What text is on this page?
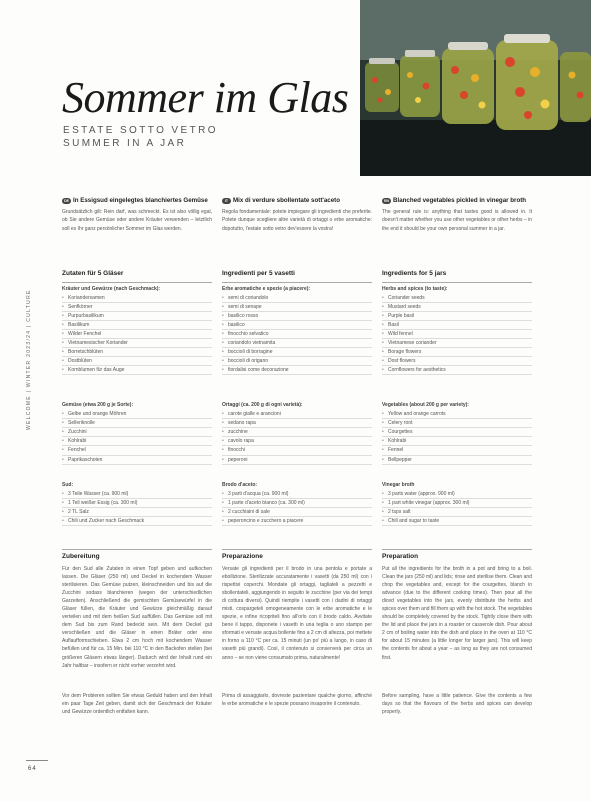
Sommer im Glas
ESTATE SOTTO VETRO
SUMMER IN A JAR
WELCOME | WINTER 2023/24 | CULTURE
DE In Essigsud eingelegtes blanchiertes Gemüse

Grundsätzlich gilt: Rein darf, was schmeckt. Es ist also völlig egal, ob Sie andere Gemüse oder andere Kräuter verwenden – letztlich soll es Ihr ganz persönlicher Sommer im Glas werden.

Zutaten für 5 Gläser
Kräuter und Gewürze (nach Geschmack):
• Koriandersamen
• Senfkörner
• Purpurbasilikum
• Basilikum
• Wilder Fenchel
• Vietnamesischer Koriander
• Borretschblüten
• Dostblüten
• Kornblumen für das Auge
Gemüse (etwa 200 g je Sorte):
• Gelbe und orange Möhren
• Selleriknolle
• Zucchini
• Kohlrabi
• Fenchel
• Paprikaschoten
Sud:
• 3 Teile Wasser (ca. 900 ml)
• 1 Teil weißer Essig (ca. 300 ml)
• 2 TL Salz
• Chili und Zucker nach Geschmack
Zubereitung

Für den Sud alle Zutaten in einen Topf geben und aufkochen lassen. Die Gläser (250 ml) und Deckel in kochendem Wasser sterilisieren. Das Gemüse putzen, kleinschneiden und bis auf die Zucchini sodass blanchieren (wegen der unterschiedlichen Garzeiten). Anschließend die gemischten Gemüsewürfel in die Gläser füllen, die Kräuter und Gewürze gleichmäßig darauf verteilen und mit dem heißen Sud auffüllen. Das Gemüse soll mit dem Sud bis zum Rand bedeckt sein. Mit dem Deckel gut verschließen und die Gläser in einen Bräter oder eine Auflaufformschieben. Etwa 2 cm hoch mit kochendem Wasser befüllen und für ca. 15 Min. bei 110 °C in den Backofen stellen (bei größeren Gläsern etwas länger). Dadurch wird der Inhalt rund ein Jahr haltbar – insofern er nicht vorher verzehrt wird.

Vor dem Probieren sollten Sie etwas Geduld haben und den Inhalt ein paar Tage Zeit geben, damit sich der Geschmack der Kräuter und Gewürze ordentlich entfalten kann.

IT Mix di verdure sbollentate sott'aceto

Regola fondamentale: potete impiegare gli ingredienti che preferite. Potete dunque scegliere altre varietà di ortaggi o erbe aromatiche: dopotutto, l'estate sotto vetro dev'essere la vostra!

Ingredienti per 5 vasetti
Erbe aromatiche e spezie (a piacere):
• semi di coriandolo
• semi di senape
• basilico rosso
• basilico
• finocchio selvatico
• coriandolo vietnamita
• boccioli di borragine
• boccioli di origano
• fiordalisi come decorazione
Ortaggi (ca. 200 g di ogni varietà):
• carote gialle e arancioni
• sedano rapa
• zucchine
• cavolo rapa
• finocchi
• peperoni
Brodo d'aceto:
• 3 parti d'acqua (ca. 900 ml)
• 1 parte d'aceto bianco (ca. 300 ml)
• 2 cucchiaini di sale
• peperoncino e zucchero a piacere
Preparazione

Versate gli ingredienti per il brodo in una pentola e portate a ebollizione. Sterilizzate accuratamente i vasetti (da 250 ml) con i rispettivi coperchi. Mondate gli ortaggi, tagliateli a pezzetti e sbollentateli, aggiungendo in seguito le zucchine (per via dei tempi di cottura diversi). Quindi riempite i vasetti con i dadini di ortaggi misti, cospargeteli omogeneamente con le erbe aromatiche e le spezie, e infine ricopriteli fino all'orlo con il brodo caldo. Avvitate bene il tappo, disponete i vasetti in una teglia o uno stampo per sformati e versate acqua bollente fino a 2 cm di altezza, poi mettete in forno a 110 °C per ca. 15 minuti (un po' più a lungo, in caso di vasetti più grandi). Così, il contenuto si conserverà per circa un anno – se non viene consumato prima, naturalmente!

Prima di assaggiarlo, dovreste pazientare qualche giorno, affinché le erbe aromatiche e le spezie possano insaporire il contenuto.

EN Blanched vegetables pickled in vinegar broth

The general rule is: anything that tastes good is allowed in. It doesn't matter whether you use other vegetables or other herbs – in the end it should be your own personal summer in a jar.

Ingredients for 5 jars
Herbs and spices (to taste):
• Coriander seeds
• Mustard seeds
• Purple basil
• Basil
• Wild fennel
• Vietnamese coriander
• Borage flowers
• Dost flowers
• Cornflowers for aesthetics
Vegetables (about 200 g per variety):
• Yellow and orange carrots
• Celery root
• Courgettes
• Kohlrabi
• Fennel
• Bellpepper
Vinegar broth
• 3 parts water (approx. 900 ml)
• 1 part white vinegar (approx. 300 ml)
• 2 tsps salt
• Chili and sugar to taste
Preparation

Put all the ingredients for the broth in a pot and bring to a boil. Clean the jars (250 ml) and lids; rinse and sterilise them. Clean and chop the vegetables and, except for the courgettes, blanch in advance (due to the different cooking times). Then pour all the diced vegetables into the jars, evenly distribute the herbs and spices over them and fill them up with the hot stock. The vegetables should be completely covered by the stock. Tightly close them with the lid and place the jars in a roaster or casserole dish. Pour about 2 cm of boiling water into the dish and place in the oven at 110 °C for about 15 minutes (a little longer for larger jars). This will keep the contents for about a year – as long as they are not consumed first.

Before sampling, have a little patience. Give the contents a few days so that the flavours of the herbs and spices can develop properly.

64
